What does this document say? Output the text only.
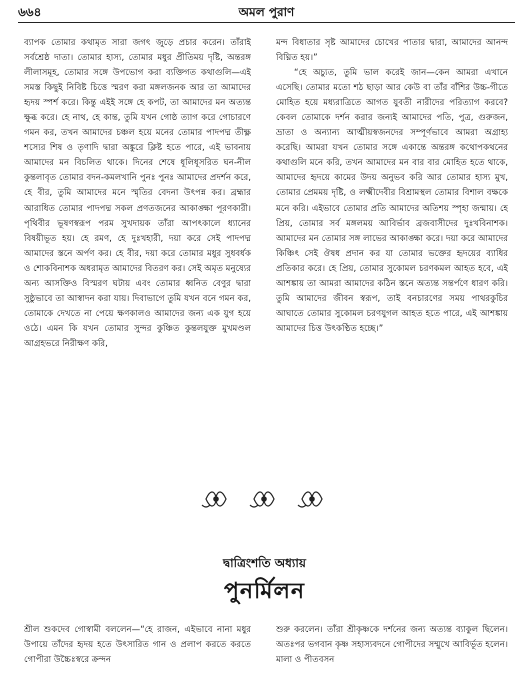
৬৬৪	অমল পুরাণ

ব্যাপক তোমার কথামৃত সারা জগৎ জুড়ে প্রচার করেন। তাঁরাই সর্বশ্রেষ্ঠ দাতা। তোমার হাস্য, তোমার মধুর প্রীতিময় দৃষ্টি, অন্তরঙ্গ লীলাসমূহ, তোমার সঙ্গে উপভোগ করা ব্যক্তিগত কথাগুলি—এই সমস্ত কিছুই নিবিষ্ট চিত্তে স্মরণ করা মঙ্গলজনক আর তা আমাদের হৃদয় স্পর্শ করে। কিন্তু এইই সঙ্গে হে কপট, তা আমাদের মন অত্যন্ত ক্ষুব্ধ করে। হে নাথ, হে কান্ত, তুমি যখন গোষ্ঠ ত্যাগ করে গোচারণে গমন কর, তখন আমাদের চঞ্চল হয়ে মনের তোমার পাদপদ্ম তীক্ষ্ণ শস্যের শিষ ও তৃণাদি দ্বারা অঙ্কুরে ক্লিষ্ট হতে পারে, এই ভাবনায় আমাদের মন বিচলিত থাকে। দিনের শেষে ধূলিধূসরিত ঘন-নীল কুন্তলাবৃত তোমার বদন-কমলখানি পুনঃ পুনঃ আমাদের প্রদর্শন করে, হে বীর, তুমি আমাদের মনে স্মৃতির বেদনা উৎপন্ন কর। ব্রহ্মার আরাধিত তোমার পাদপদ্ম সকল প্রণতজনের আকাঙ্ক্ষা পূরণকারী। পৃথিবীর ভূষণস্বরূপ পরম সুখদায়ক তাঁরা আপৎকালে ধ্যানের বিষয়ীভূত হয়। হে রমণ, হে দুঃখহারী, দয়া করে সেই পাদপদ্ম আমাদের স্তনে অর্পণ কর। হে বীর, দয়া করে তোমার মধুর সুধবর্ধক ও শোকবিনাশক অধরামৃত আমাদের বিতরণ কর। সেই অমৃত মনুষ্যের অন্য আসক্তিও বিস্মরণ ঘটায় এবং তোমার ধ্বনিত বেণুর দ্বারা সুষ্ঠুভাবে তা আস্বাদন করা যায়। দিবাভাগে তুমি যখন বনে গমন কর, তোমাকে দেখতে না পেয়ে ক্ষণকালও আমাদের জন্য এক যুগ হয়ে ওঠে। এমন কি যখন তোমার সুন্দর কুঞ্চিত কুন্তলযুক্ত মুখমণ্ডল আগ্রহভরে নিরীক্ষণ করি,

মন্দ বিধাতার সৃষ্ট আমাদের চোখের পাতার দ্বারা, আমাদের আনন্দ বিঘ্নিত হয়।”

“হে অচ্যুত, তুমি ভাল করেই জান—কেন আমরা এখানে এসেছি। তোমার মতো শঠ ছাড়া আর কেউ বা তাঁর বাঁশির উচ্চ-গীতে মোহিত হয়ে মধ্যরাত্রিতে আগত যুবতী নারীদের পরিত্যাগ করবে? কেবল তোমাকে দর্শন করার জন্যই আমাদের পতি, পুত্র, গুরুজন, ভ্রাতা ও অন্যান্য আত্মীয়স্বজনদের সম্পূর্ণভাবে আমরা অগ্রাহ্য করেছি। আমরা যখন তোমার সঙ্গে একান্তে অন্তরঙ্গ কথোপকথনের কথাগুলি মনে করি, তখন আমাদের মন বার বার মোহিত হতে থাকে, আমাদের হৃদয়ে কামের উদয় অনুভব করি আর তোমার হাস্য মুখ, তোমার প্রেমময় দৃষ্টি, ও লক্ষ্মীদেবীর বিশ্রামস্থল তোমার বিশাল বক্ষকে মনে করি। এইভাবে তোমার প্রতি আমাদের অতিশয় স্পৃহা জন্মায়। হে প্রিয়, তোমার সর্ব মঙ্গলময় আবির্ভাব ব্রজবাসীদের দুঃখবিনাশক। আমাদের মন তোমার সঙ্গ লাভের আকাঙ্ক্ষা করে। দয়া করে আমাদের কিঞ্চিৎ সেই ঔষধ প্রদান কর যা তোমার ভক্তের হৃদয়ের ব্যাধির প্রতিকার করে। হে প্রিয়, তোমার সুকোমল চরণকমল আহত হবে, এই আশঙ্কায় তা আমরা আমাদের কঠিন স্তনে অত্যন্ত সন্তর্পণে ধারণ করি। তুমি আমাদের জীবন স্বরূপ, তাই বনচারণের সময় পাথরকুচির আঘাতে তোমার সুকোমল চরণযুগল আহত হতে পারে, এই আশঙ্কায় আমাদের চিত্ত উৎকণ্ঠিত হচ্ছে।”

দ্বাত্রিংশতি অধ্যায়
পুনর্মিলন

শ্রীল শুকদেব গোস্বামী বললেন—“হে রাজন, এইভাবে নানা মধুর উপায়ে তাঁদের হৃদয় হতে উৎসারিত গান ও প্রলাপ করতে করতে গোপীরা উচ্চৈঃস্বরে ক্রন্দন

শুরু করলেন। তাঁরা শ্রীকৃষ্ণকে দর্শনের জন্য অত্যন্ত ব্যাকুল ছিলেন। অতঃপর ভগবান কৃষ্ণ সহাস্যবদনে গোপীদের সম্মুখে আবির্ভূত হলেন। মালা ও পীতবসন
